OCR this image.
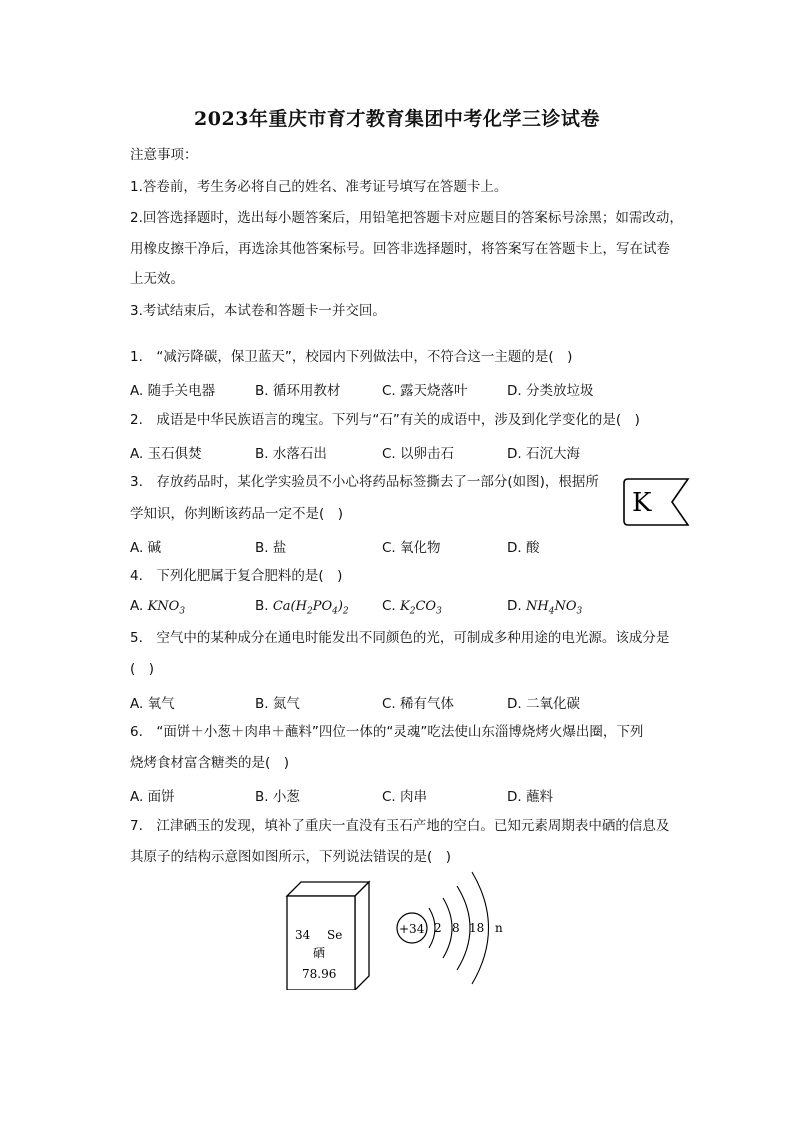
2023年重庆市育才教育集团中考化学三诊试卷
注意事项：
1.答卷前，考生务必将自己的姓名、准考证号填写在答题卡上。
2.回答选择题时，选出每小题答案后，用铅笔把答题卡对应题目的答案标号涂黑；如需改动，
用橡皮擦干净后，再选涂其他答案标号。回答非选择题时，将答案写在答题卡上，写在试卷
上无效。
3.考试结束后，本试卷和答题卡一并交回。
1.　“减污降碳，保卫蓝天”，校园内下列做法中，不符合这一主题的是(　)
A. 随手关电器	B. 循环用教材	C. 露天烧落叶	D. 分类放垃圾
2.　成语是中华民族语言的瑰宝。下列与“石”有关的成语中，涉及到化学变化的是(　)
A. 玉石俱焚	B. 水落石出	C. 以卵击石	D. 石沉大海
3.　存放药品时，某化学实验员不小心将药品标签撕去了一部分(如图)，根据所
学知识，你判断该药品一定不是(　)	K
A. 碱	B. 盐	C. 氧化物	D. 酸
4.　下列化肥属于复合肥料的是(　)
A. $KNO_3$	B. $Ca(H_2PO_4)_2$ C. $K_2CO_3$	D. $NH_4NO_3$
5.　空气中的某种成分在通电时能发出不同颜色的光，可制成多种用途的电光源。该成分是
(　)
A. 氧气	B. 氮气	C. 稀有气体	D. 二氧化碳
6.　“面饼＋小葱＋肉串＋蘸料”四位一体的“灵魂”吃法使山东淄博烧烤火爆出圈，下列
烧烤食材富含糖类的是(　)
A. 面饼	B. 小葱	C. 肉串	D. 蘸料
7.　江津硒玉的发现，填补了重庆一直没有玉石产地的空白。已知元素周期表中硒的信息及
其原子的结构示意图如图所示，下列说法错误的是(　)
34 Se
硒
78.96
+34 2 8 18 n
